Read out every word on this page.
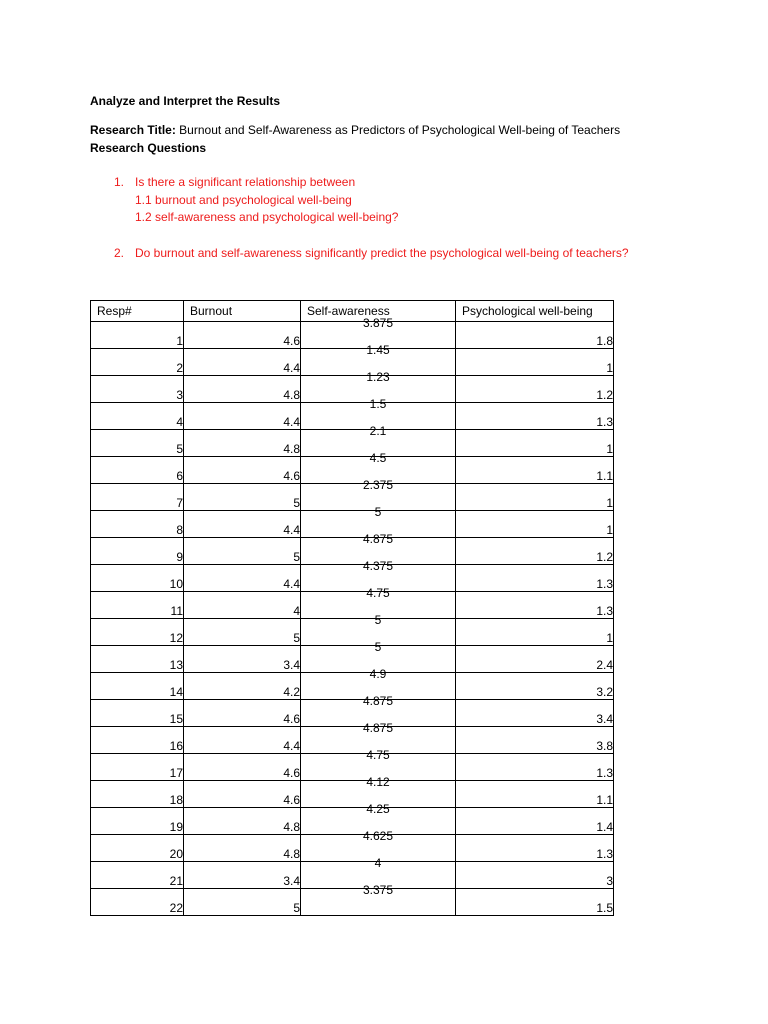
Analyze and Interpret the Results
Research Title: Burnout and Self-Awareness as Predictors of Psychological Well-being of Teachers
Research Questions
1. Is there a significant relationship between
1.1 burnout and psychological well-being
1.2 self-awareness and psychological well-being?
2. Do burnout and self-awareness significantly predict the psychological well-being of teachers?
Resp#	Burnout	Self-awareness	Psychological well-being
1	4.6	3.875	1.8
2	4.4	1.45	1
3	4.8	1.23	1.2
4	4.4	1.5	1.3
5	4.8	2.1	1
6	4.6	4.5	1.1
7	5	2.375	1
8	4.4	5	1
9	5	4.875	1.2
10	4.4	4.375	1.3
11	4	4.75	1.3
12	5	5	1
13	3.4	5	2.4
14	4.2	4.9	3.2
15	4.6	4.875	3.4
16	4.4	4.875	3.8
17	4.6	4.75	1.3
18	4.6	4.12	1.1
19	4.8	4.25	1.4
20	4.8	4.625	1.3
21	3.4	4	3
22	5	3.375	1.5
